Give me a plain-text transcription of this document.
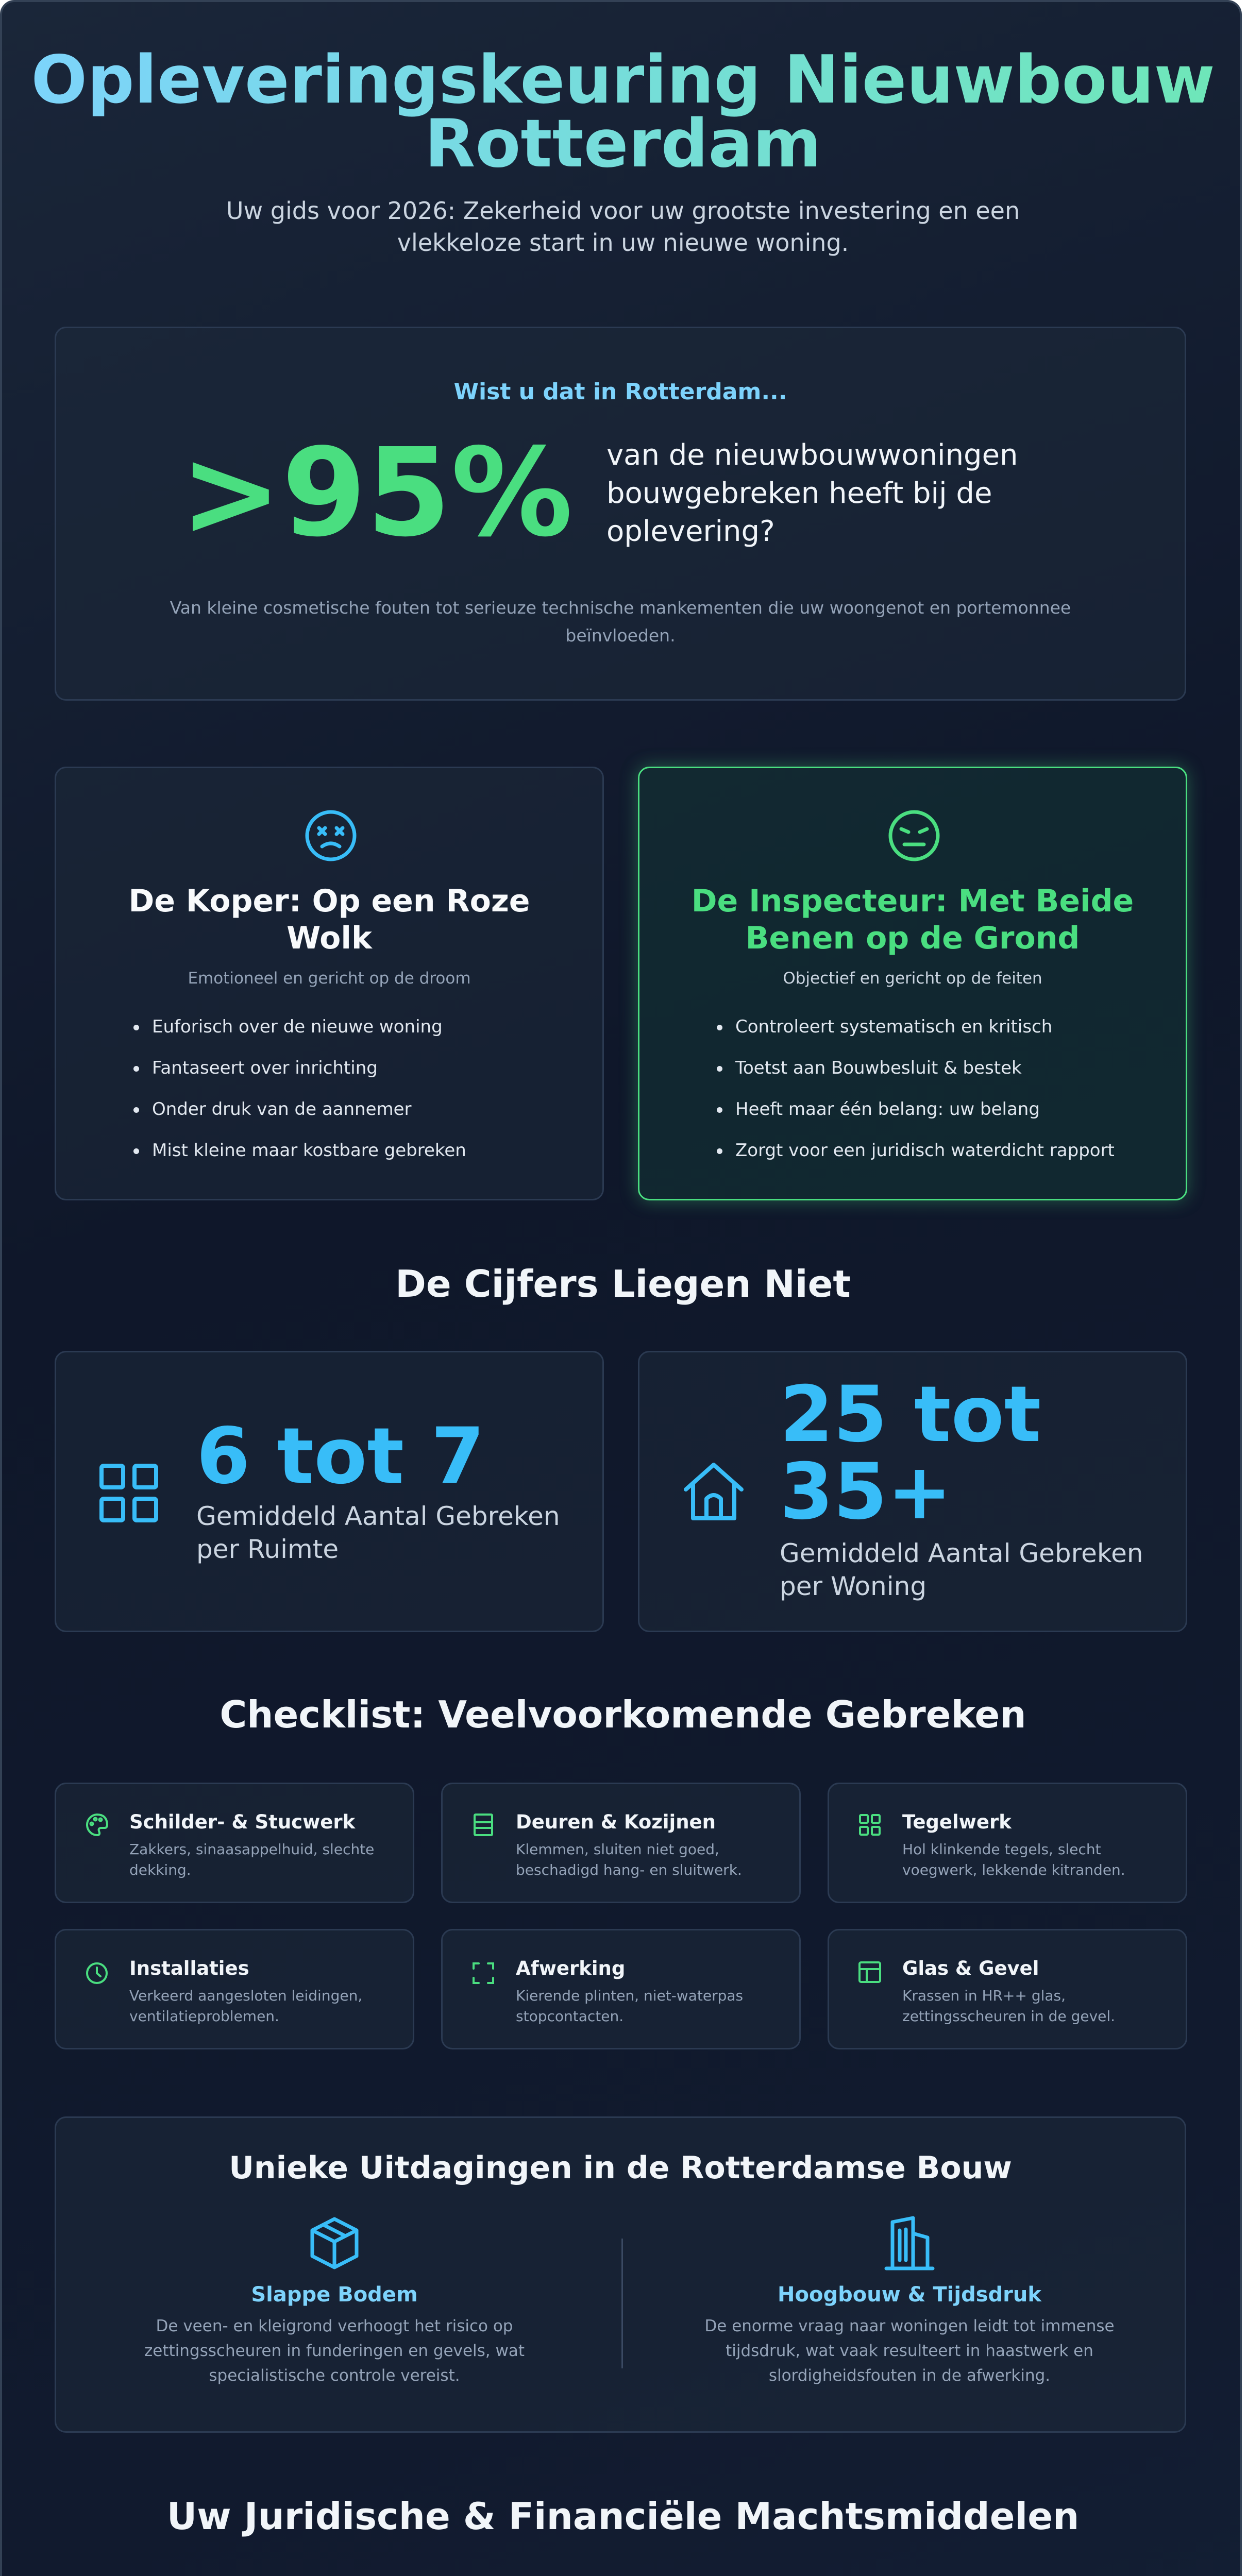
Opleveringskeuring Nieuwbouw
Rotterdam
Uw gids voor 2026: Zekerheid voor uw grootste investering en een
vlekkeloze start in uw nieuwe woning.
Wist u dat in Rotterdam...
>95% van de nieuwbouwwoningen
bouwgebreken heeft bij de
oplevering?
Van kleine cosmetische fouten tot serieuze technische mankementen die uw woongenot en portemonnee
beïnvloeden.
De Koper: Op een Roze
Wolk
Emotioneel en gericht op de droom
Euforisch over de nieuwe woning
Fantaseert over inrichting
Onder druk van de aannemer
Mist kleine maar kostbare gebreken
De Inspecteur: Met Beide
Benen op de Grond
Objectief en gericht op de feiten
Controleert systematisch en kritisch
Toetst aan Bouwbesluit & bestek
Heeft maar één belang: uw belang
Zorgt voor een juridisch waterdicht rapport
De Cijfers Liegen Niet
6 tot 7
Gemiddeld Aantal Gebreken
per Ruimte
25 tot
35+
Gemiddeld Aantal Gebreken
per Woning
Checklist: Veelvoorkomende Gebreken
Schilder- & Stucwerk
Zakkers, sinaasappelhuid, slechte
dekking.
Deuren & Kozijnen
Klemmen, sluiten niet goed,
beschadigd hang- en sluitwerk.
Tegelwerk
Hol klinkende tegels, slecht
voegwerk, lekkende kitranden.
Installaties
Verkeerd aangesloten leidingen,
ventilatieproblemen.
Afwerking
Kierende plinten, niet-waterpas
stopcontacten.
Glas & Gevel
Krassen in HR++ glas,
zettingsscheuren in de gevel.
Unieke Uitdagingen in de Rotterdamse Bouw
Slappe Bodem
De veen- en kleigrond verhoogt het risico op
zettingsscheuren in funderingen en gevels, wat
specialistische controle vereist.
Hoogbouw & Tijdsdruk
De enorme vraag naar woningen leidt tot immense
tijdsdruk, wat vaak resulteert in haastwerk en
slordigheidsfouten in de afwerking.
Uw Juridische & Financiële Machtsmiddelen
